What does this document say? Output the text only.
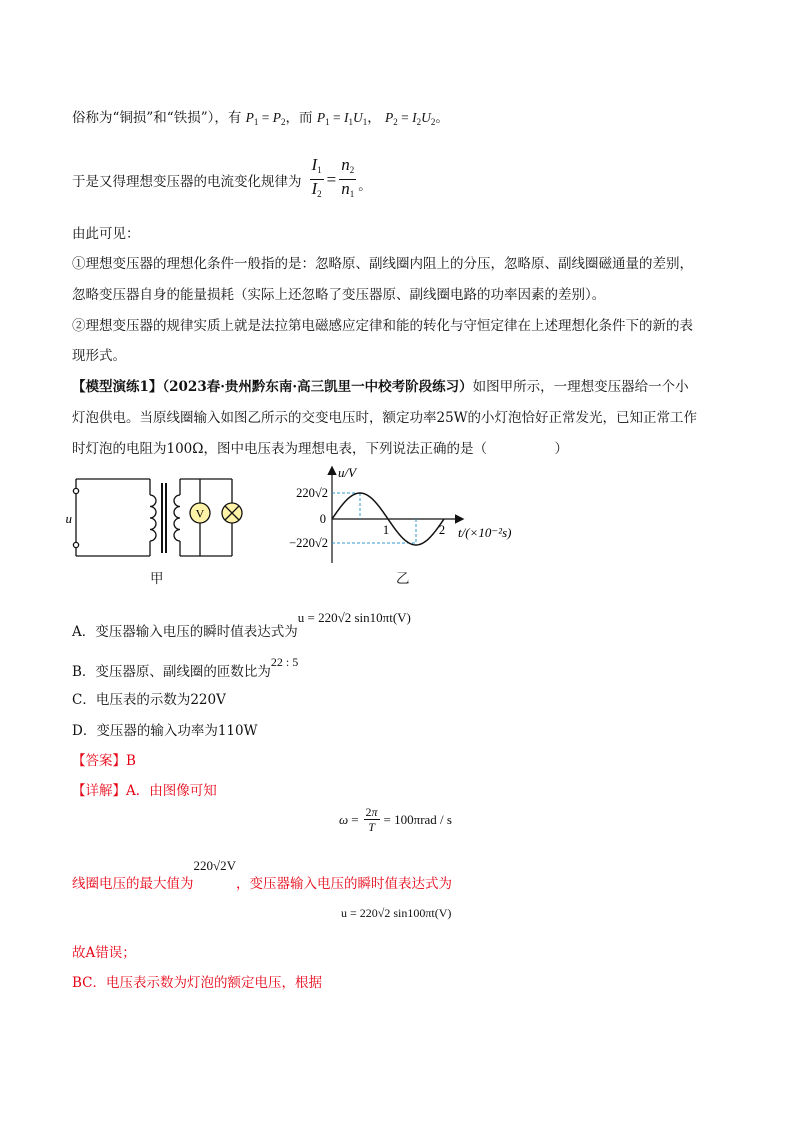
俗称为“铜损”和“铁损”），有 $P_1 = P_2$，而 $P_1 = I_1U_1$， $P_2 = I_2U_2$。
于是又得理想变压器的电流变化规律为 $\frac{I_1}{I_2} = \frac{n_2}{n_1}$ 。
由此可见：
①理想变压器的理想化条件一般指的是：忽略原、副线圈内阻上的分压，忽略原、副线圈磁通量的差别，
忽略变压器自身的能量损耗（实际上还忽略了变压器原、副线圈电路的功率因素的差别）。
②理想变压器的规律实质上就是法拉第电磁感应定律和能的转化与守恒定律在上述理想化条件下的新的表
现形式。
【模型演练1】（2023春·贵州黔东南·高三凯里一中校考阶段练习）如图甲所示，一理想变压器给一个小
灯泡供电。当原线圈输入如图乙所示的交变电压时，额定功率25W的小灯泡恰好正常发光，已知正常工作
时灯泡的电阻为100Ω，图中电压表为理想电表，下列说法正确的是（　　　　　）
V
u
甲
u/V
t/(×10⁻²s)
220√2
−220√2
0
1	2
乙
A．变压器输入电压的瞬时值表达式为
u = 220√2 sin10πt(V)
B．变压器原、副线圈的匝数比为
22 : 5
C．电压表的示数为220V
D．变压器的输入功率为110W
【答案】B
【详解】A．由图像可知
$\omega = \frac{2\pi}{T} = 100\pi rad / s$
线圈电压的最大值为
220√2V
，变压器输入电压的瞬时值表达式为
u = 220√2 sin100πt(V)
故A错误；
BC．电压表示数为灯泡的额定电压，根据
